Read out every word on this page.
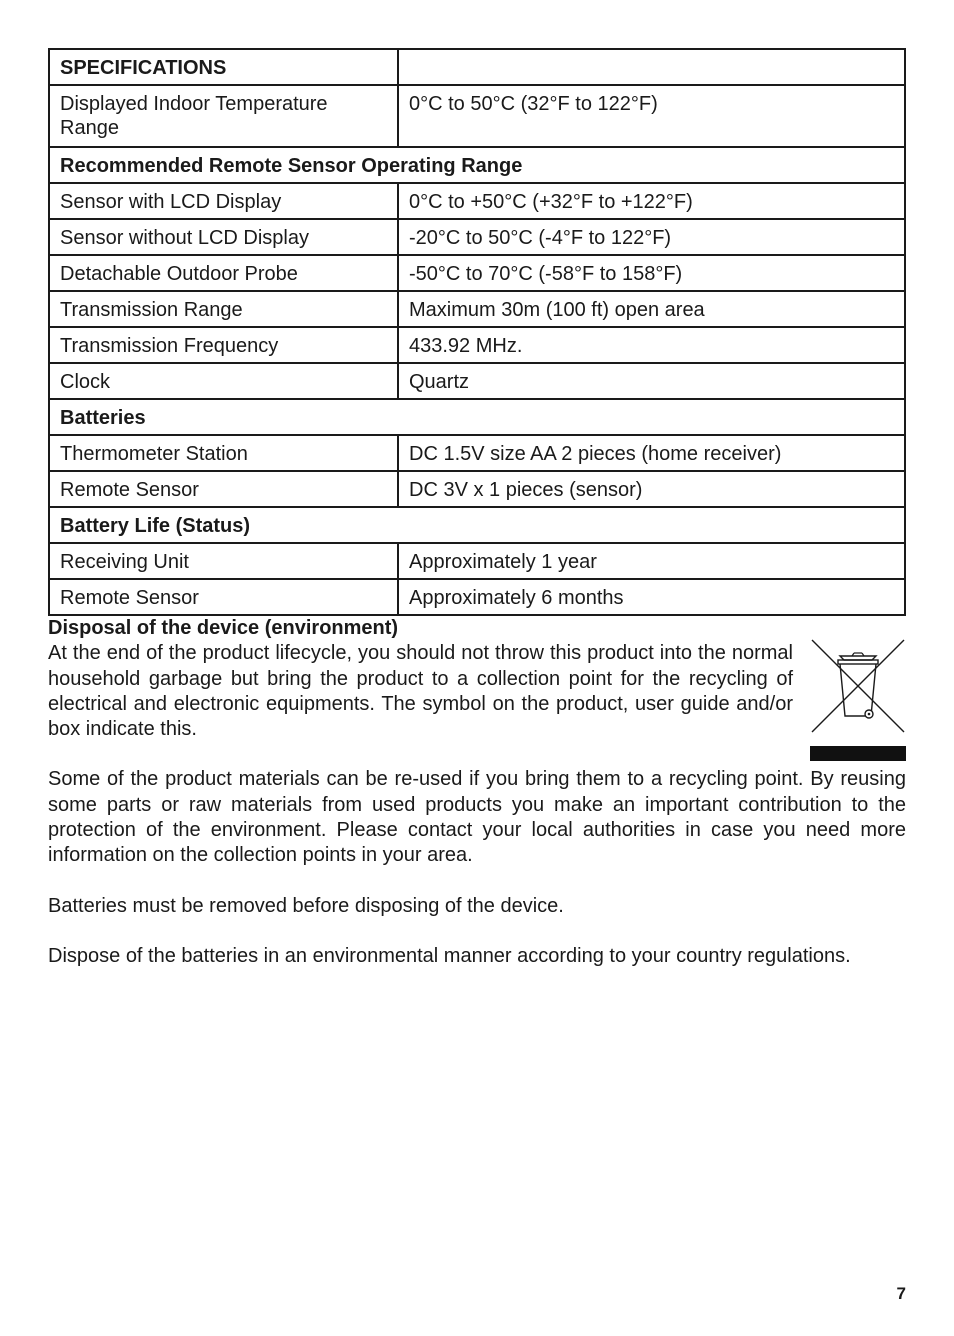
SPECIFICATIONS	
Displayed Indoor Temperature Range	0°C to 50°C (32°F to 122°F)
Recommended Remote Sensor Operating Range	
Sensor with LCD Display	0°C to +50°C (+32°F to +122°F)
Sensor without LCD Display	-20°C to 50°C (-4°F to 122°F)
Detachable Outdoor Probe	-50°C to 70°C (-58°F to 158°F)
Transmission Range	Maximum 30m (100 ft) open area
Transmission Frequency	433.92 MHz.
Clock	Quartz
Batteries	
Thermometer Station	DC 1.5V size AA 2 pieces (home receiver)
Remote Sensor	DC 3V x 1 pieces (sensor)
Battery Life (Status)	
Receiving Unit	Approximately 1 year
Remote Sensor	Approximately 6 months
Disposal of the device (environment)

At the end of the product lifecycle, you should not throw this product into the normal household garbage but bring the product to a collection point for the recycling of electrical and electronic equipments. The symbol on the product, user guide and/or box indicate this.

Some of the product materials can be re-used if you bring them to a recycling point. By reusing some parts or raw materials from used products you make an important contribution to the protection of the environment. Please contact your local authorities in case you need more information on the collection points in your area.

Batteries must be removed before disposing of the device.

Dispose of the batteries in an environmental manner according to your country regulations.

7
